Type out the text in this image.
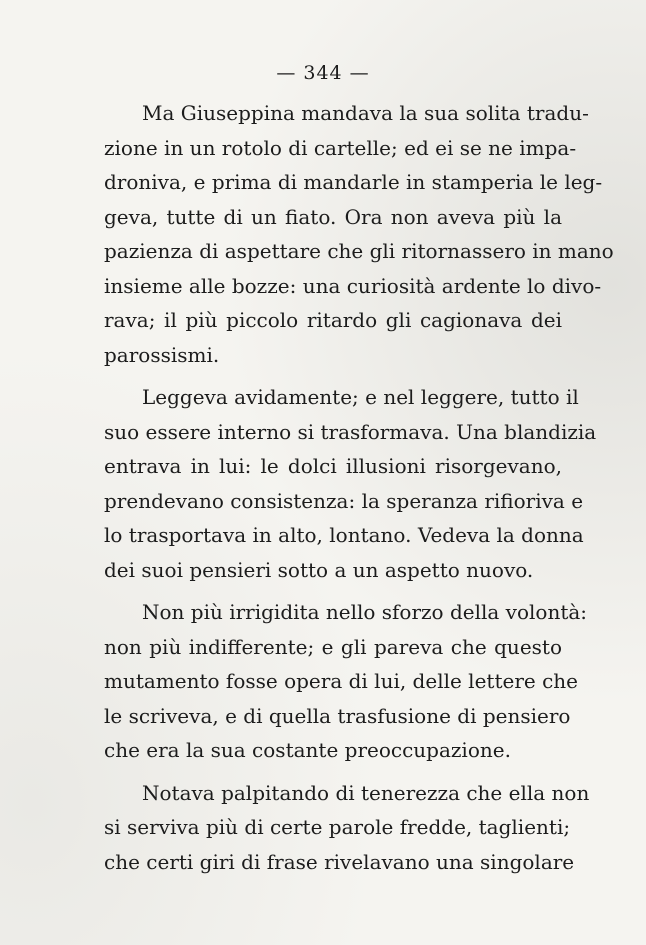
— 344 —
Ma Giuseppina mandava la sua solita tradu-
zione in un rotolo di cartelle; ed ei se ne impa-
droniva, e prima di mandarle in stamperia le leg-
geva, tutte di un fiato. Ora non aveva più la
pazienza di aspettare che gli ritornassero in mano
insieme alle bozze: una curiosità ardente lo divo-
rava; il più piccolo ritardo gli cagionava dei
parossismi.
Leggeva avidamente; e nel leggere, tutto il
suo essere interno si trasformava. Una blandizia
entrava in lui: le dolci illusioni risorgevano,
prendevano consistenza: la speranza rifioriva e
lo trasportava in alto, lontano. Vedeva la donna
dei suoi pensieri sotto a un aspetto nuovo.
Non più irrigidita nello sforzo della volontà:
non più indifferente; e gli pareva che questo
mutamento fosse opera di lui, delle lettere che
le scriveva, e di quella trasfusione di pensiero
che era la sua costante preoccupazione.
Notava palpitando di tenerezza che ella non
si serviva più di certe parole fredde, taglienti;
che certi giri di frase rivelavano una singolare
